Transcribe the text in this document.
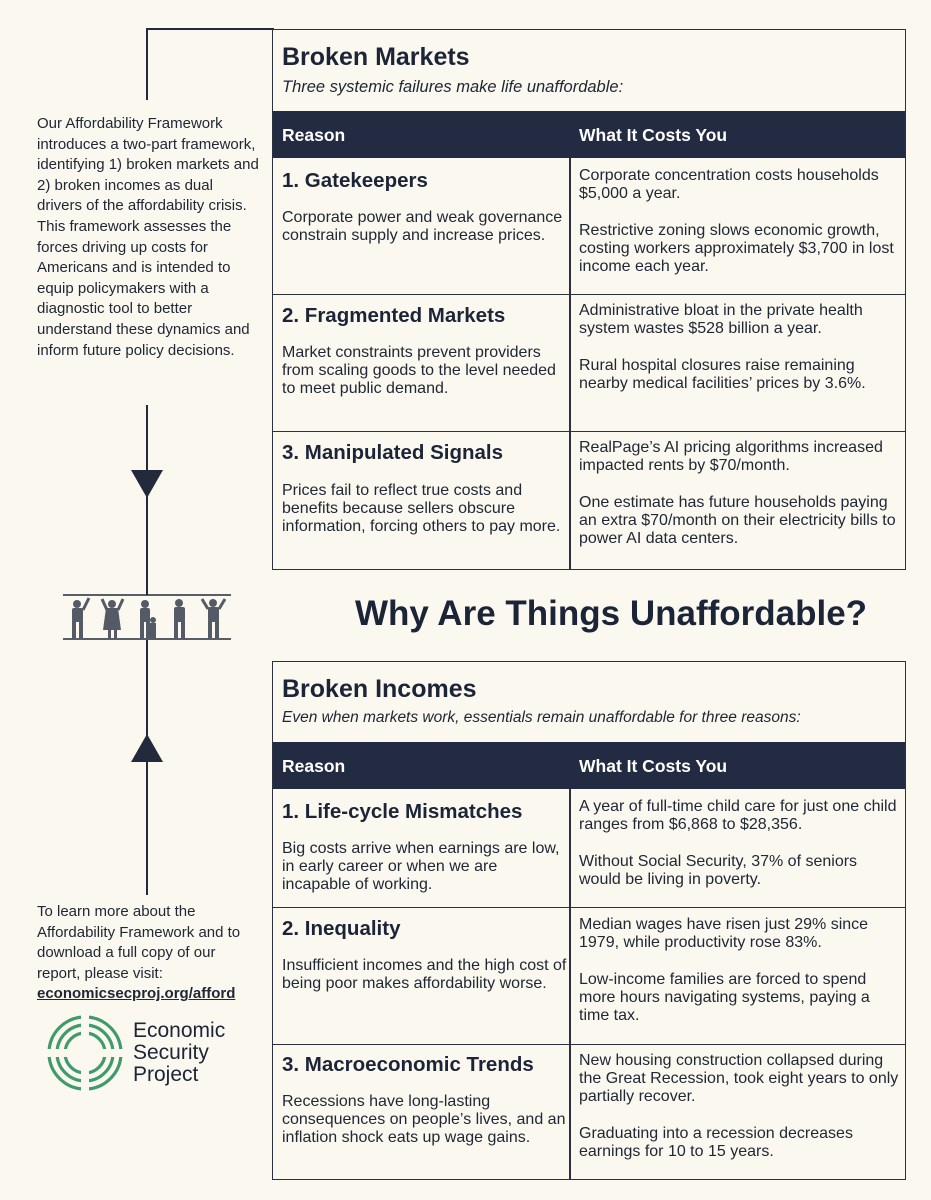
Our Affordability Framework introduces a two-part framework, identifying 1) broken markets and 2) broken incomes as dual drivers of the affordability crisis. This framework assesses the forces driving up costs for Americans and is intended to equip policymakers with a diagnostic tool to better understand these dynamics and inform future policy decisions.
To learn more about the Affordability Framework and to download a full copy of our report, please visit:
economicsecproj.org/afford
Economic
Security
Project
Broken Markets
Three systemic failures make life unaffordable:
Reason	What It Costs You
1. Gatekeepers
Corporate power and weak governance constrain supply and increase prices.
Corporate concentration costs households $5,000 a year.
Restrictive zoning slows economic growth, costing workers approximately $3,700 in lost income each year.
2. Fragmented Markets
Market constraints prevent providers from scaling goods to the level needed to meet public demand.
Administrative bloat in the private health system wastes $528 billion a year.
Rural hospital closures raise remaining nearby medical facilities’ prices by 3.6%.
3. Manipulated Signals
Prices fail to reflect true costs and benefits because sellers obscure information, forcing others to pay more.
RealPage’s AI pricing algorithms increased impacted rents by $70/month.
One estimate has future households paying an extra $70/month on their electricity bills to power AI data centers.
Why Are Things Unaffordable?
Broken Incomes
Even when markets work, essentials remain unaffordable for three reasons:
Reason	What It Costs You
1. Life-cycle Mismatches
Big costs arrive when earnings are low, in early career or when we are incapable of working.
A year of full-time child care for just one child ranges from $6,868 to $28,356.
Without Social Security, 37% of seniors would be living in poverty.
2. Inequality
Insufficient incomes and the high cost of being poor makes affordability worse.
Median wages have risen just 29% since 1979, while productivity rose 83%.
Low-income families are forced to spend more hours navigating systems, paying a time tax.
3. Macroeconomic Trends
Recessions have long-lasting consequences on people’s lives, and an inflation shock eats up wage gains.
New housing construction collapsed during the Great Recession, took eight years to only partially recover.
Graduating into a recession decreases earnings for 10 to 15 years.
